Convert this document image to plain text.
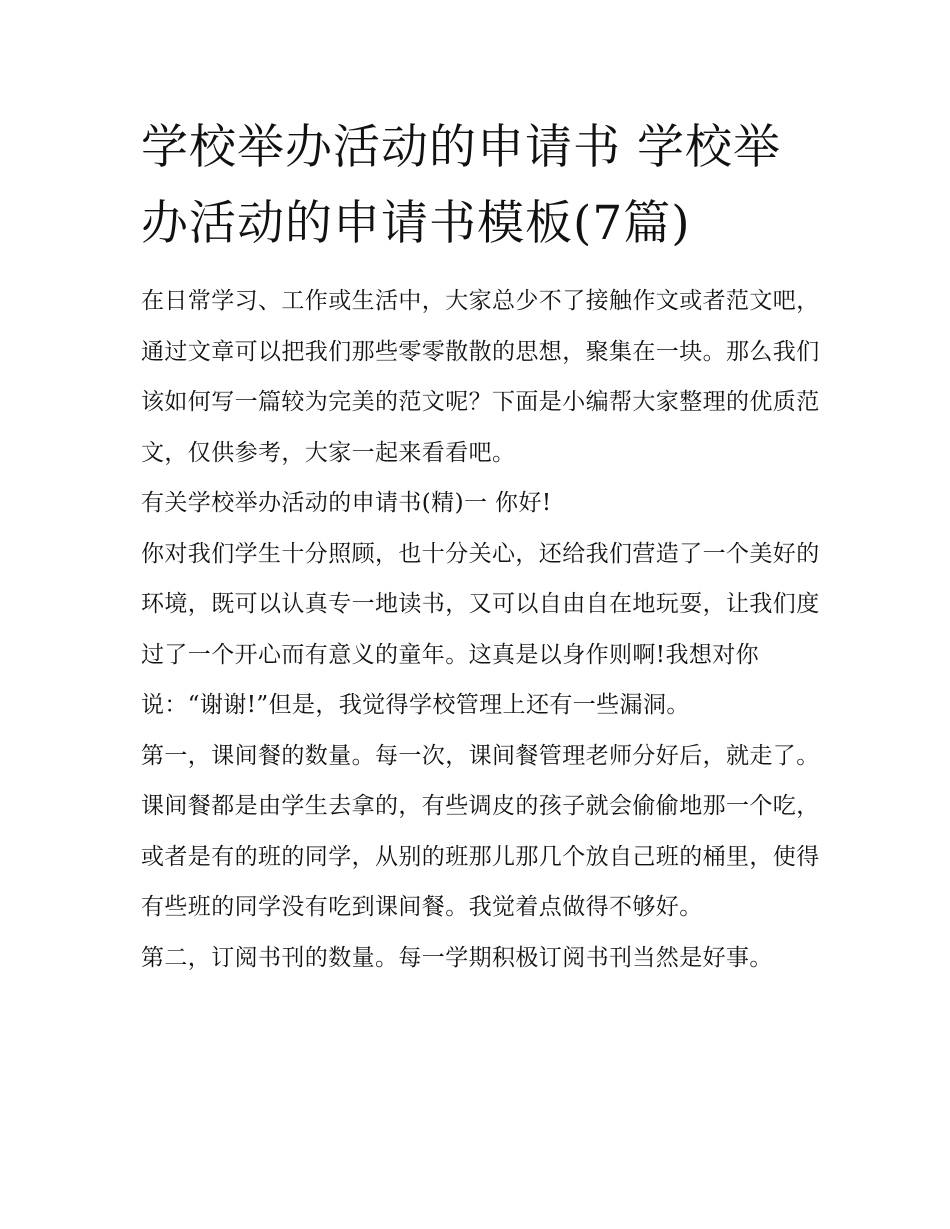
学校举办活动的申请书 学校举办活动的申请书模板(7篇)

在日常学习、工作或生活中，大家总少不了接触作文或者范文吧，通过文章可以把我们那些零零散散的思想，聚集在一块。那么我们该如何写一篇较为完美的范文呢？下面是小编帮大家整理的优质范文，仅供参考，大家一起来看看吧。

有关学校举办活动的申请书(精)一 你好!

你对我们学生十分照顾，也十分关心，还给我们营造了一个美好的环境，既可以认真专一地读书，又可以自由自在地玩耍，让我们度过了一个开心而有意义的童年。这真是以身作则啊!我想对你说：“谢谢!”但是，我觉得学校管理上还有一些漏洞。

第一，课间餐的数量。每一次，课间餐管理老师分好后，就走了。课间餐都是由学生去拿的，有些调皮的孩子就会偷偷地那一个吃，或者是有的班的同学，从别的班那儿那几个放自己班的桶里，使得有些班的同学没有吃到课间餐。我觉着点做得不够好。

第二，订阅书刊的数量。每一学期积极订阅书刊当然是好事。
